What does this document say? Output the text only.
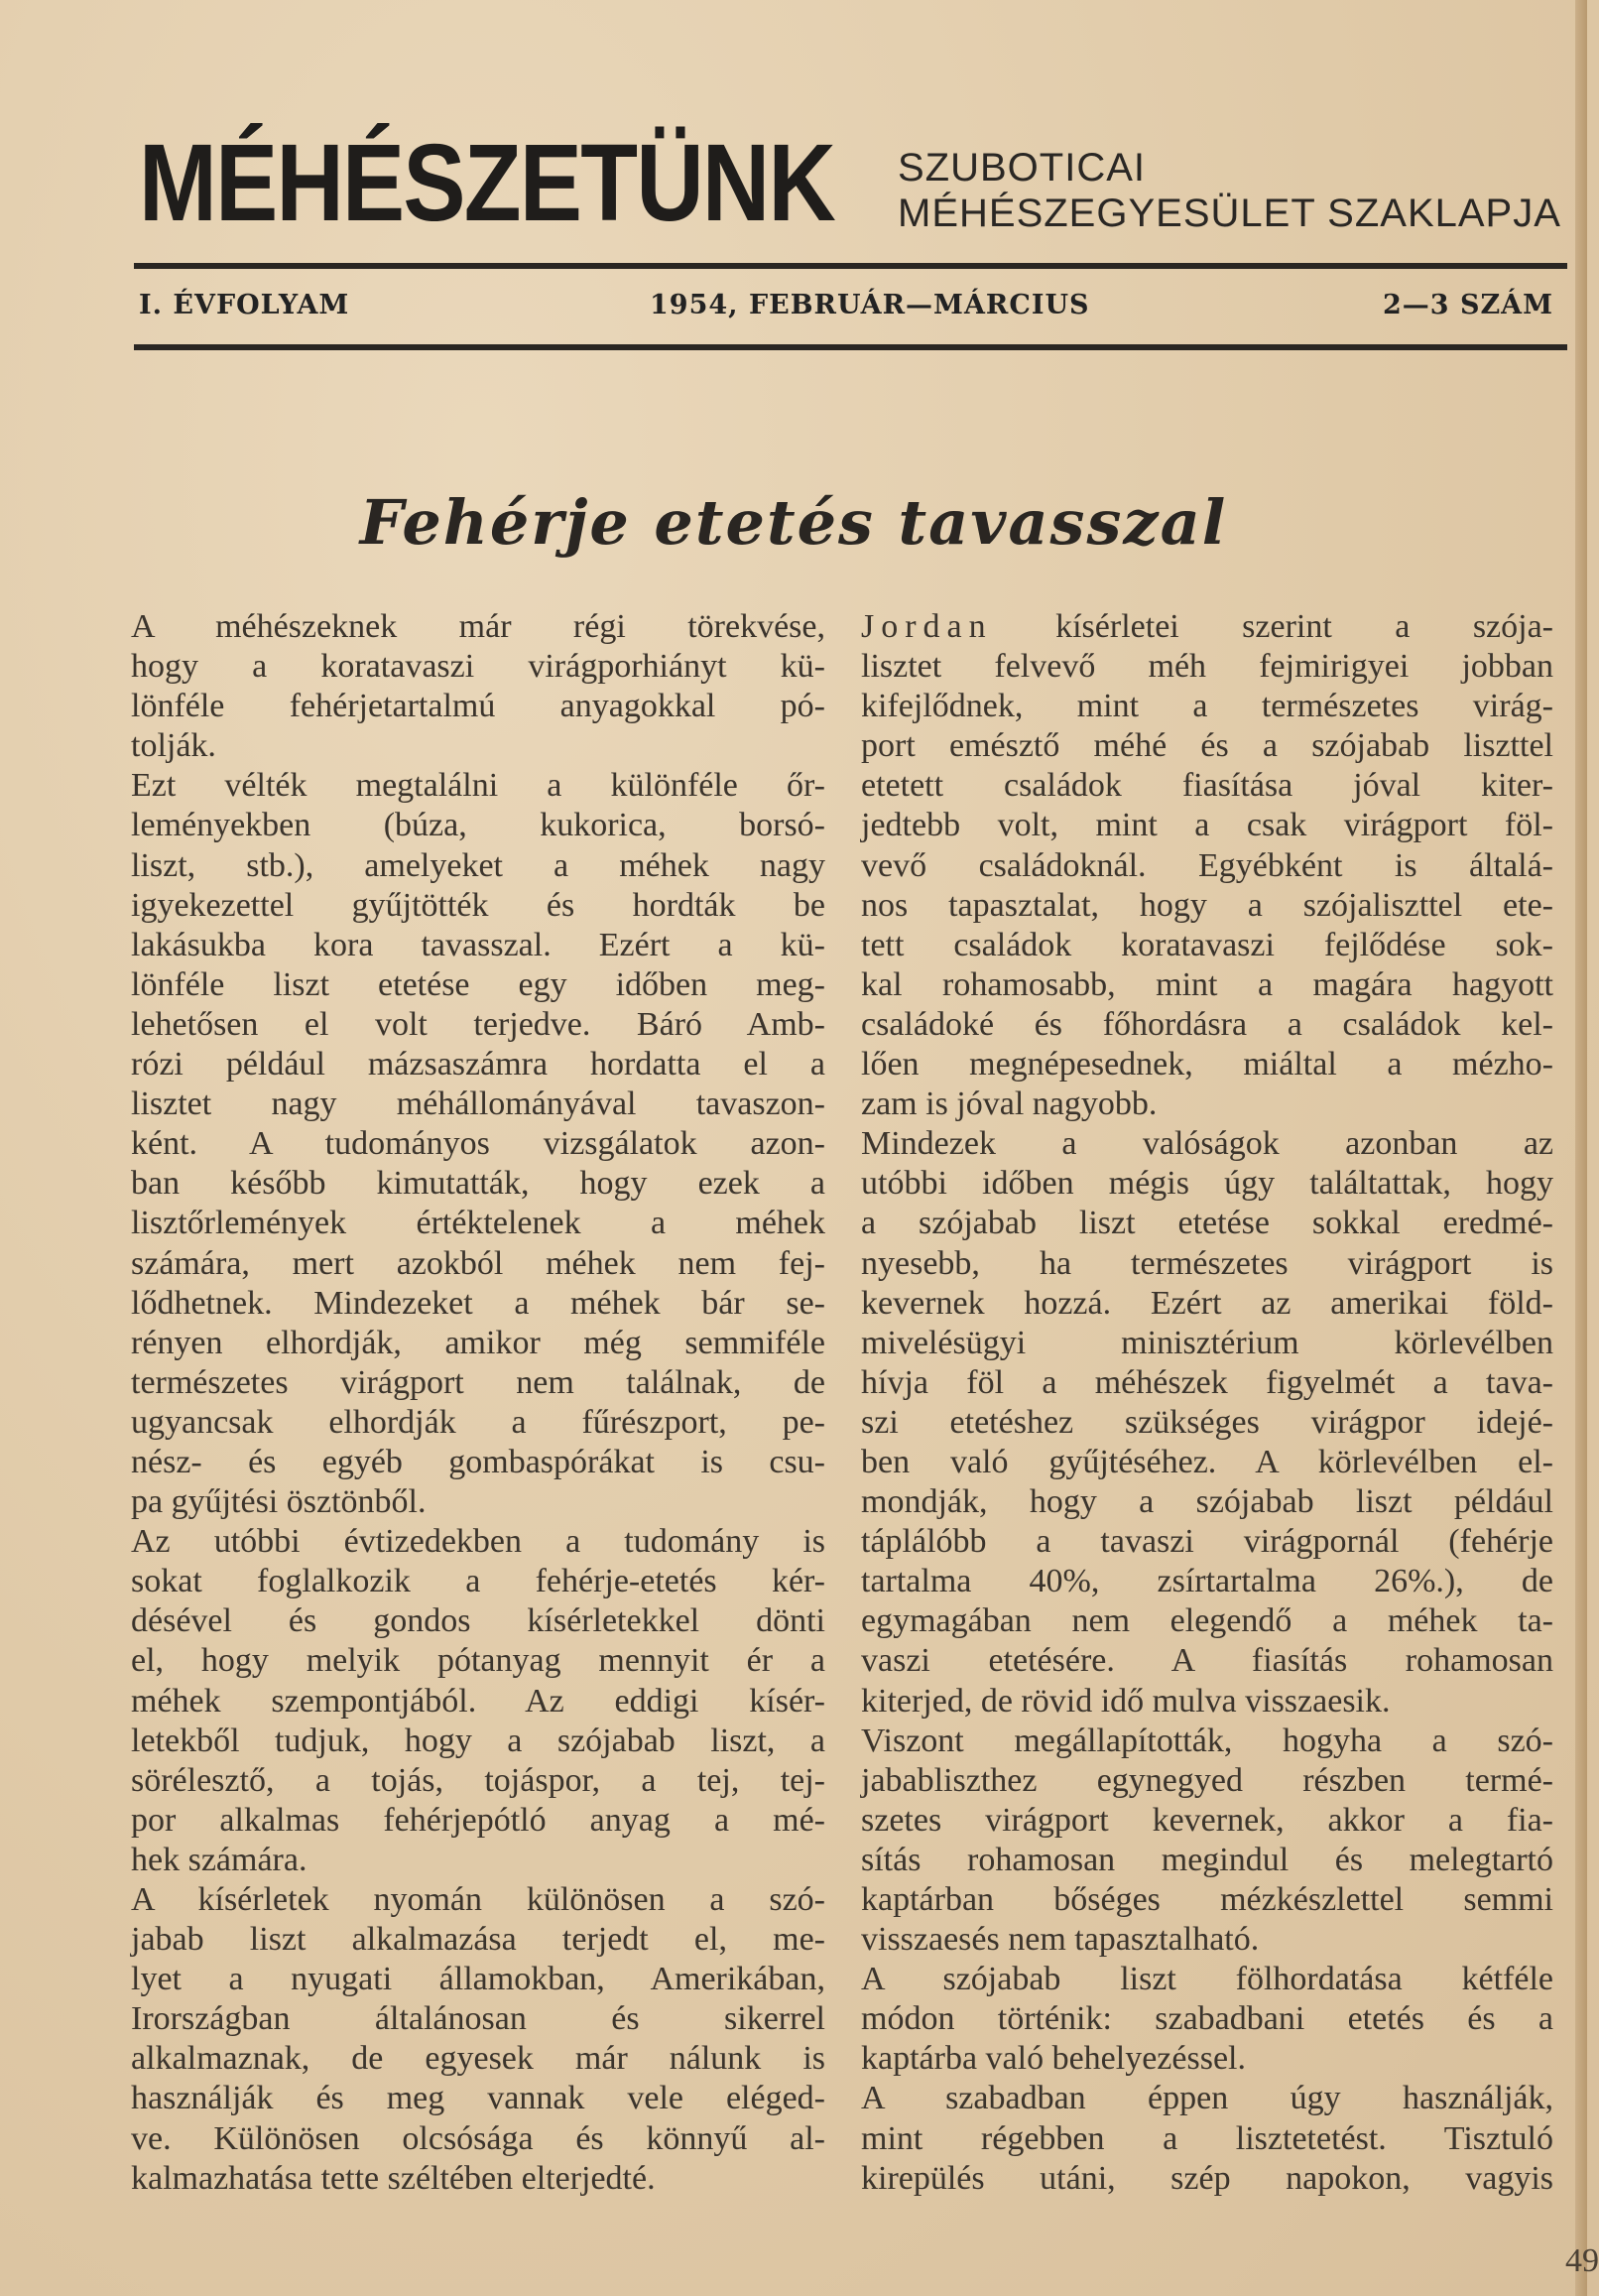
MÉHÉSZETÜNK SZUBOTICAI
MÉHÉSZEGYESÜLET SZAKLAPJA
I. ÉVFOLYAM	1954, FEBRUÁR—MÁRCIUS	2—3 SZÁM
Fehérje etetés tavasszal
A méhészeknek már régi törekvése,
hogy a koratavaszi virágporhiányt kü-
lönféle fehérjetartalmú anyagokkal pó-
tolják.
Ezt vélték megtalálni a különféle őr-
leményekben (búza, kukorica, borsó-
liszt, stb.), amelyeket a méhek nagy
igyekezettel gyűjtötték és hordták be
lakásukba kora tavasszal. Ezért a kü-
lönféle liszt etetése egy időben meg-
lehetősen el volt terjedve. Báró Amb-
rózi például mázsaszámra hordatta el a
lisztet nagy méhállományával tavaszon-
ként. A tudományos vizsgálatok azon-
ban később kimutatták, hogy ezek a
lisztőrlemények értéktelenek a méhek
számára, mert azokból méhek nem fej-
lődhetnek. Mindezeket a méhek bár se-
rényen elhordják, amikor még semmiféle
természetes virágport nem találnak, de
ugyancsak elhordják a fűrészport, pe-
nész- és egyéb gombaspórákat is csu-
pa gyűjtési ösztönből.
Az utóbbi évtizedekben a tudomány is
sokat foglalkozik a fehérje-etetés kér-
désével és gondos kísérletekkel dönti
el, hogy melyik pótanyag mennyit ér a
méhek szempontjából. Az eddigi kísér-
letekből tudjuk, hogy a szójabab liszt, a
sörélesztő, a tojás, tojáspor, a tej, tej-
por alkalmas fehérjepótló anyag a mé-
hek számára.
A kísérletek nyomán különösen a szó-
jabab liszt alkalmazása terjedt el, me-
lyet a nyugati államokban, Amerikában,
Irországban általánosan és sikerrel
alkalmaznak, de egyesek már nálunk is
használják és meg vannak vele eléged-
ve. Különösen olcsósága és könnyű al-
kalmazhatása tette széltében elterjedté.
Jordan kísérletei szerint a szója-
lisztet felvevő méh fejmirigyei jobban
kifejlődnek, mint a természetes virág-
port emésztő méhé és a szójabab liszttel
etetett családok fiasítása jóval kiter-
jedtebb volt, mint a csak virágport föl-
vevő családoknál. Egyébként is általá-
nos tapasztalat, hogy a szójaliszttel ete-
tett családok koratavaszi fejlődése sok-
kal rohamosabb, mint a magára hagyott
családoké és főhordásra a családok kel-
lően megnépesednek, miáltal a mézho-
zam is jóval nagyobb.
Mindezek a valóságok azonban az
utóbbi időben mégis úgy találtattak, hogy
a szójabab liszt etetése sokkal eredmé-
nyesebb, ha természetes virágport is
kevernek hozzá. Ezért az amerikai föld-
mivelésügyi minisztérium körlevélben
hívja föl a méhészek figyelmét a tava-
szi etetéshez szükséges virágpor idejé-
ben való gyűjtéséhez. A körlevélben el-
mondják, hogy a szójabab liszt például
táplálóbb a tavaszi virágpornál (fehérje
tartalma 40%, zsírtartalma 26%.), de
egymagában nem elegendő a méhek ta-
vaszi etetésére. A fiasítás rohamosan
kiterjed, de rövid idő mulva visszaesik.
Viszont megállapították, hogyha a szó-
jababliszthez egynegyed részben termé-
szetes virágport kevernek, akkor a fia-
sítás rohamosan megindul és melegtartó
kaptárban bőséges mézkészlettel semmi
visszaesés nem tapasztalható.
A szójabab liszt fölhordatása kétféle
módon történik: szabadbani etetés és a
kaptárba való behelyezéssel.
A szabadban éppen úgy használják,
mint régebben a lisztetetést. Tisztuló
kirepülés utáni, szép napokon, vagyis
49
